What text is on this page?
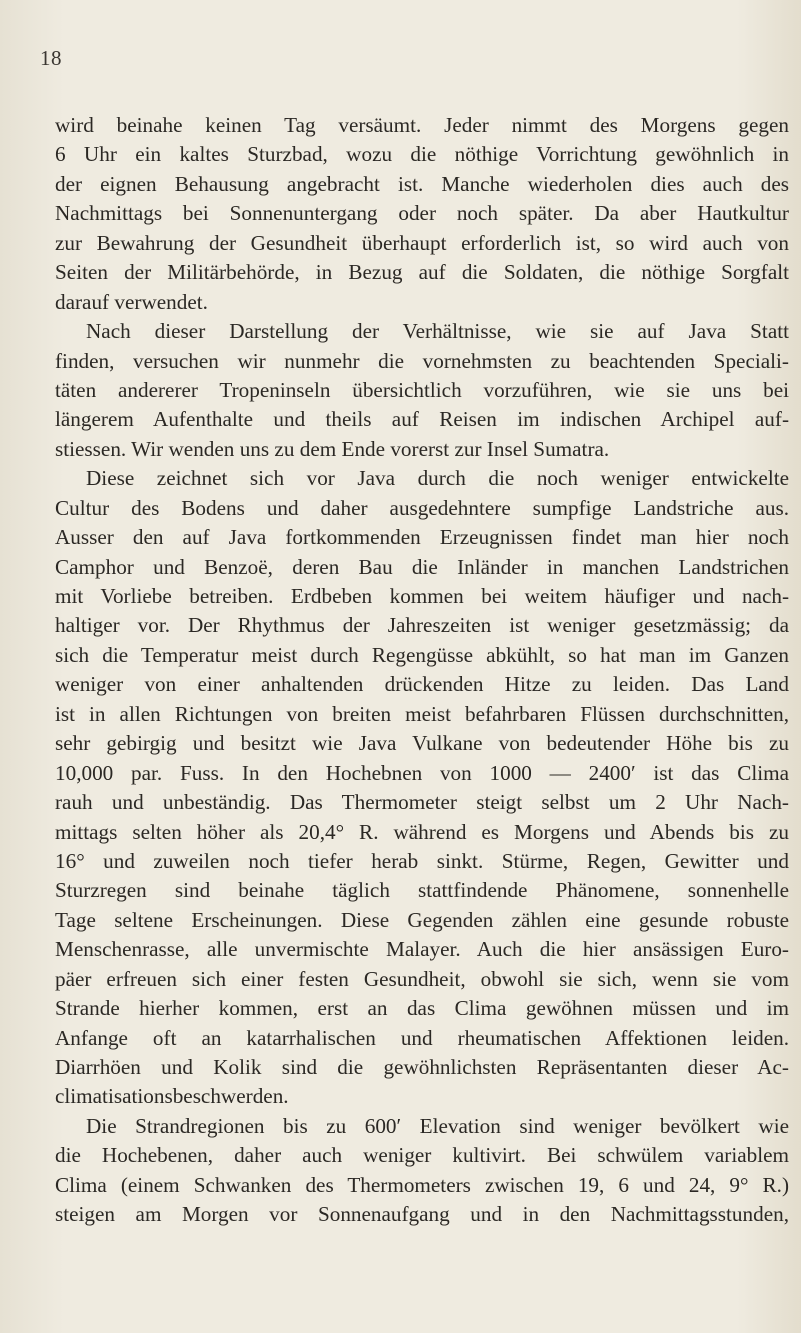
18
wird beinahe keinen Tag versäumt. Jeder nimmt des Morgens gegen
6 Uhr ein kaltes Sturzbad, wozu die nöthige Vorrichtung gewöhnlich in
der eignen Behausung angebracht ist. Manche wiederholen dies auch des
Nachmittags bei Sonnenuntergang oder noch später. Da aber Hautkultur
zur Bewahrung der Gesundheit überhaupt erforderlich ist, so wird auch von
Seiten der Militärbehörde, in Bezug auf die Soldaten, die nöthige Sorgfalt
darauf verwendet.
Nach dieser Darstellung der Verhältnisse, wie sie auf Java Statt
finden, versuchen wir nunmehr die vornehmsten zu beachtenden Speciali-
täten andererer Tropeninseln übersichtlich vorzuführen, wie sie uns bei
längerem Aufenthalte und theils auf Reisen im indischen Archipel auf-
stiessen. Wir wenden uns zu dem Ende vorerst zur Insel Sumatra.
Diese zeichnet sich vor Java durch die noch weniger entwickelte
Cultur des Bodens und daher ausgedehntere sumpfige Landstriche aus.
Ausser den auf Java fortkommenden Erzeugnissen findet man hier noch
Camphor und Benzoë, deren Bau die Inländer in manchen Landstrichen
mit Vorliebe betreiben. Erdbeben kommen bei weitem häufiger und nach-
haltiger vor. Der Rhythmus der Jahreszeiten ist weniger gesetzmässig; da
sich die Temperatur meist durch Regengüsse abkühlt, so hat man im Ganzen
weniger von einer anhaltenden drückenden Hitze zu leiden. Das Land
ist in allen Richtungen von breiten meist befahrbaren Flüssen durchschnitten,
sehr gebirgig und besitzt wie Java Vulkane von bedeutender Höhe bis zu
10,000 par. Fuss. In den Hochebnen von 1000 — 2400′ ist das Clima
rauh und unbeständig. Das Thermometer steigt selbst um 2 Uhr Nach-
mittags selten höher als 20,4° R. während es Morgens und Abends bis zu
16° und zuweilen noch tiefer herab sinkt. Stürme, Regen, Gewitter und
Sturzregen sind beinahe täglich stattfindende Phänomene, sonnenhelle
Tage seltene Erscheinungen. Diese Gegenden zählen eine gesunde robuste
Menschenrasse, alle unvermischte Malayer. Auch die hier ansässigen Euro-
päer erfreuen sich einer festen Gesundheit, obwohl sie sich, wenn sie vom
Strande hierher kommen, erst an das Clima gewöhnen müssen und im
Anfange oft an katarrhalischen und rheumatischen Affektionen leiden.
Diarrhöen und Kolik sind die gewöhnlichsten Repräsentanten dieser Ac-
climatisationsbeschwerden.
Die Strandregionen bis zu 600′ Elevation sind weniger bevölkert wie
die Hochebenen, daher auch weniger kultivirt. Bei schwülem variablem
Clima (einem Schwanken des Thermometers zwischen 19, 6 und 24, 9° R.)
steigen am Morgen vor Sonnenaufgang und in den Nachmittagsstunden,
